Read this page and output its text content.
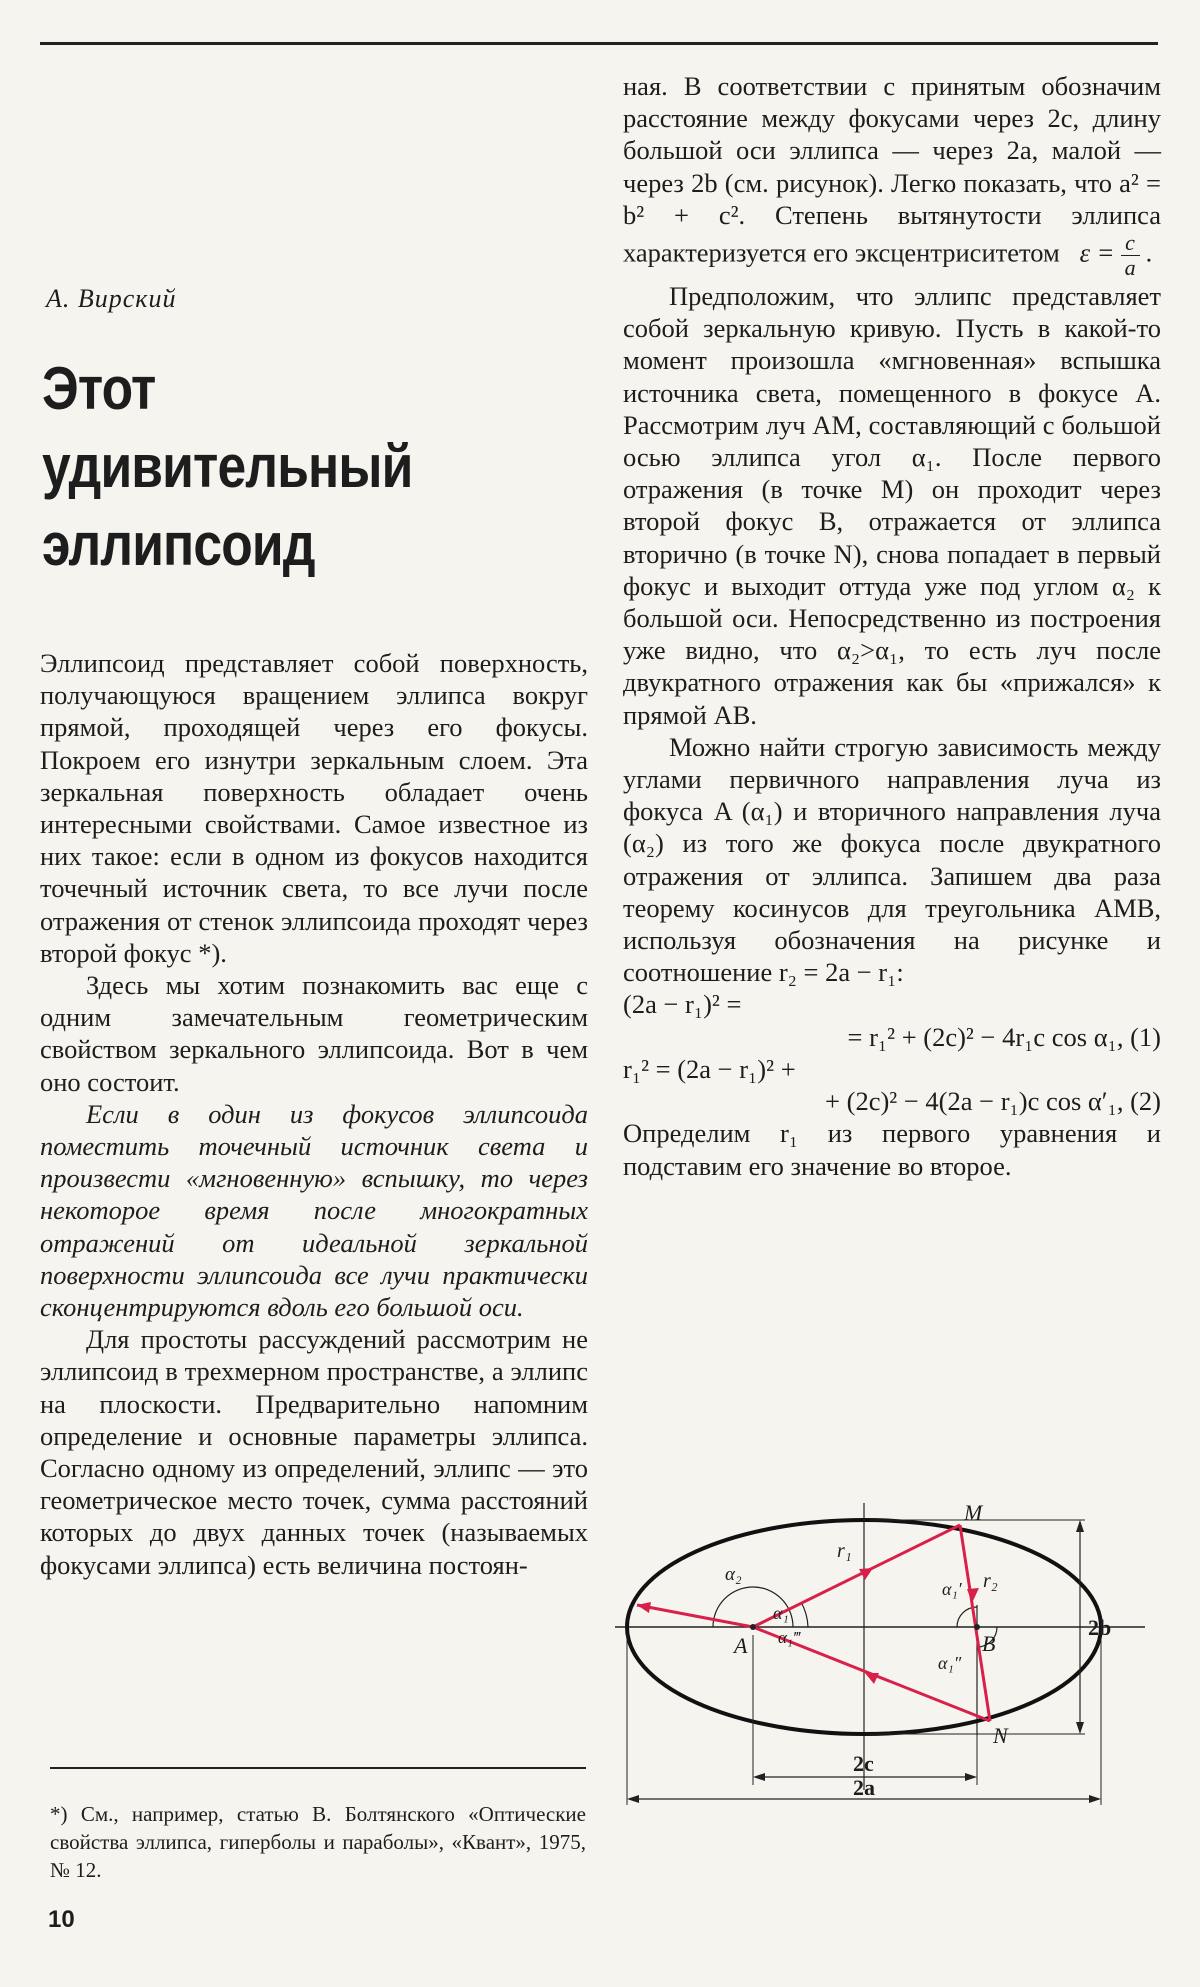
А. Вирский
Этот
удивительный
эллипсоид

Эллипсоид представляет собой поверхность, получающуюся вращением эллипса вокруг прямой, проходящей через его фокусы. Покроем его изнутри зеркальным слоем. Эта зеркальная поверхность обладает очень интересными свойствами. Самое известное из них такое: если в одном из фокусов находится точечный источник света, то все лучи после отражения от стенок эллипсоида проходят через второй фокус *).

Здесь мы хотим познакомить вас еще с одним замечательным геометрическим свойством зеркального эллипсоида. Вот в чем оно состоит.

Если в один из фокусов эллипсоида поместить точечный источник света и произвести «мгновенную» вспышку, то через некоторое время после многократных отражений от идеальной зеркальной поверхности эллипсоида все лучи практически сконцентрируются вдоль его большой оси.

Для простоты рассуждений рассмотрим не эллипсоид в трехмерном пространстве, а эллипс на плоскости. Предварительно напомним определение и основные параметры эллипса. Согласно одному из определений, эллипс — это геометрическое место точек, сумма расстояний которых до двух данных точек (называемых фокусами эллипса) есть величина постоян-

ная. В соответствии с принятым обозначим расстояние между фокусами через 2c, длину большой оси эллипса — через 2a, малой — через 2b (см. рисунок). Легко показать, что a² = b² + c². Степень вытянутости эллипса характеризуется его эксцентриситетом $\varepsilon = \frac{c}{a}$ .

Предположим, что эллипс представляет собой зеркальную кривую. Пусть в какой-то момент произошла «мгновенная» вспышка источника света, помещенного в фокусе A. Рассмотрим луч AM, составляющий с большой осью эллипса угол α₁. После первого отражения (в точке M) он проходит через второй фокус B, отражается от эллипса вторично (в точке N), снова попадает в первый фокус и выходит оттуда уже под углом α₂ к большой оси. Непосредственно из построения уже видно, что α₂>α₁, то есть луч после двукратного отражения как бы «прижался» к прямой AB.

Можно найти строгую зависимость между углами первичного направления луча из фокуса A (α₁) и вторичного направления луча (α₂) из того же фокуса после двукратного отражения от эллипса. Запишем два раза теорему косинусов для треугольника AMB, используя обозначения на рисунке и соотношение r₂ = 2a − r₁:

(2a − r₁)² =

= r₁² + (2c)² − 4r₁c cos α₁, (1)

r₁² = (2a − r₁)² +

+ (2c)² − 4(2a − r₁)c cos α′₁, (2)

Определим r₁ из первого уравнения и подставим его значение во второе.

2b
2c
2a
M
N
A	B
r₁
r₂
α₂
α₁
α₁‴
α₁′
α₁″
*) См., например, статью В. Болтянского «Оптические свойства эллипса, гиперболы и параболы», «Квант», 1975, № 12.
10
